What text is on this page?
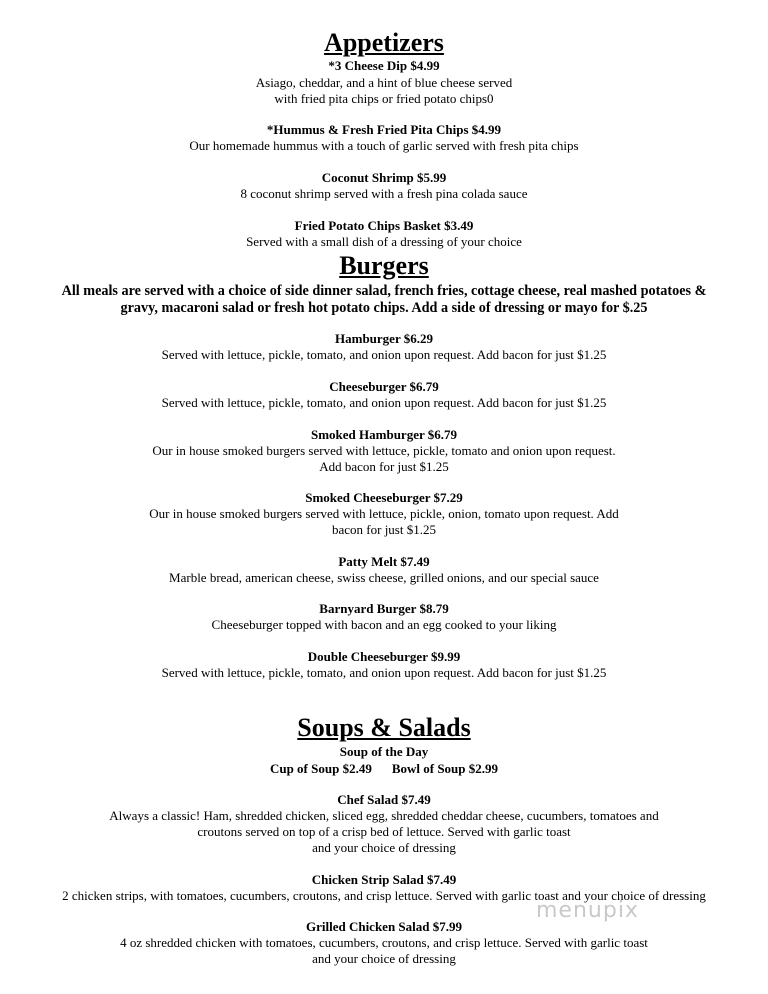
Appetizers
*3 Cheese Dip $4.99
Asiago, cheddar, and a hint of blue cheese served
with fried pita chips or fried potato chips0
*Hummus & Fresh Fried Pita Chips $4.99
Our homemade hummus with a touch of garlic served with fresh pita chips
Coconut Shrimp $5.99
8 coconut shrimp served with a fresh pina colada sauce
Fried Potato Chips Basket $3.49
Served with a small dish of a dressing of your choice
Burgers
All meals are served with a choice of side dinner salad, french fries, cottage cheese, real mashed potatoes &
gravy, macaroni salad or fresh hot potato chips. Add a side of dressing or mayo for $.25
Hamburger $6.29
Served with lettuce, pickle, tomato, and onion upon request. Add bacon for just $1.25
Cheeseburger $6.79
Served with lettuce, pickle, tomato, and onion upon request. Add bacon for just $1.25
Smoked Hamburger $6.79
Our in house smoked burgers served with lettuce, pickle, tomato and onion upon request.
Add bacon for just $1.25
Smoked Cheeseburger $7.29
Our in house smoked burgers served with lettuce, pickle, onion, tomato upon request. Add
bacon for just $1.25
Patty Melt $7.49
Marble bread, american cheese, swiss cheese, grilled onions, and our special sauce
Barnyard Burger $8.79
Cheeseburger topped with bacon and an egg cooked to your liking
Double Cheeseburger $9.99
Served with lettuce, pickle, tomato, and onion upon request. Add bacon for just $1.25
Soups & Salads
Soup of the Day
Cup of Soup $2.49 Bowl of Soup $2.99
Chef Salad $7.49
Always a classic! Ham, shredded chicken, sliced egg, shredded cheddar cheese, cucumbers, tomatoes and
croutons served on top of a crisp bed of lettuce. Served with garlic toast
and your choice of dressing
Chicken Strip Salad $7.49
2 chicken strips, with tomatoes, cucumbers, croutons, and crisp lettuce. Served with garlic toast and your choice of dressing
Grilled Chicken Salad $7.99
4 oz shredded chicken with tomatoes, cucumbers, croutons, and crisp lettuce. Served with garlic toast
and your choice of dressing
menupix
